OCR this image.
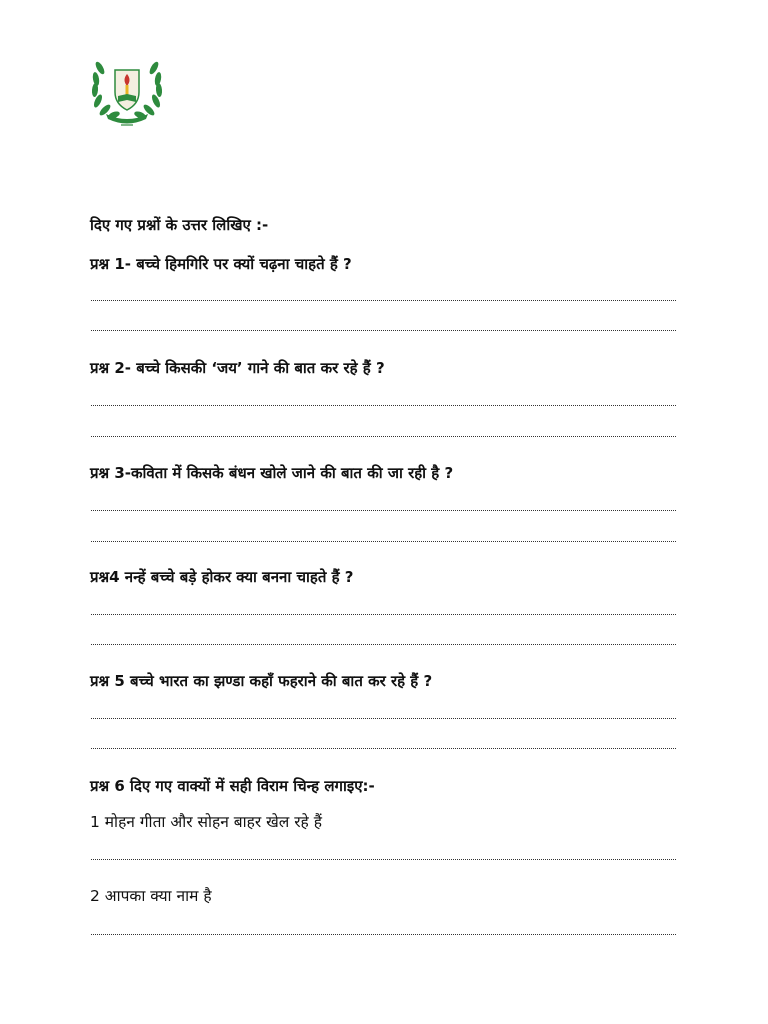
दिए गए प्रश्नों के उत्तर लिखिए :-
प्रश्न 1- बच्चे हिमगिरि पर क्यों चढ़ना चाहते हैं ?
प्रश्न 2- बच्चे किसकी ‘जय’ गाने की बात कर रहे हैं ?
प्रश्न 3-कविता में किसके बंधन खोले जाने की बात की जा रही है ?
प्रश्न4 नन्हें बच्चे बड़े होकर क्या बनना चाहते हैं ?
प्रश्न 5 बच्चे भारत का झण्डा कहाँ फहराने की बात कर रहे हैं ?
प्रश्न 6 दिए गए वाक्यों में सही विराम चिन्ह लगाइए:-
1 मोहन गीता और सोहन बाहर खेल रहे हैं
2 आपका क्या नाम है
